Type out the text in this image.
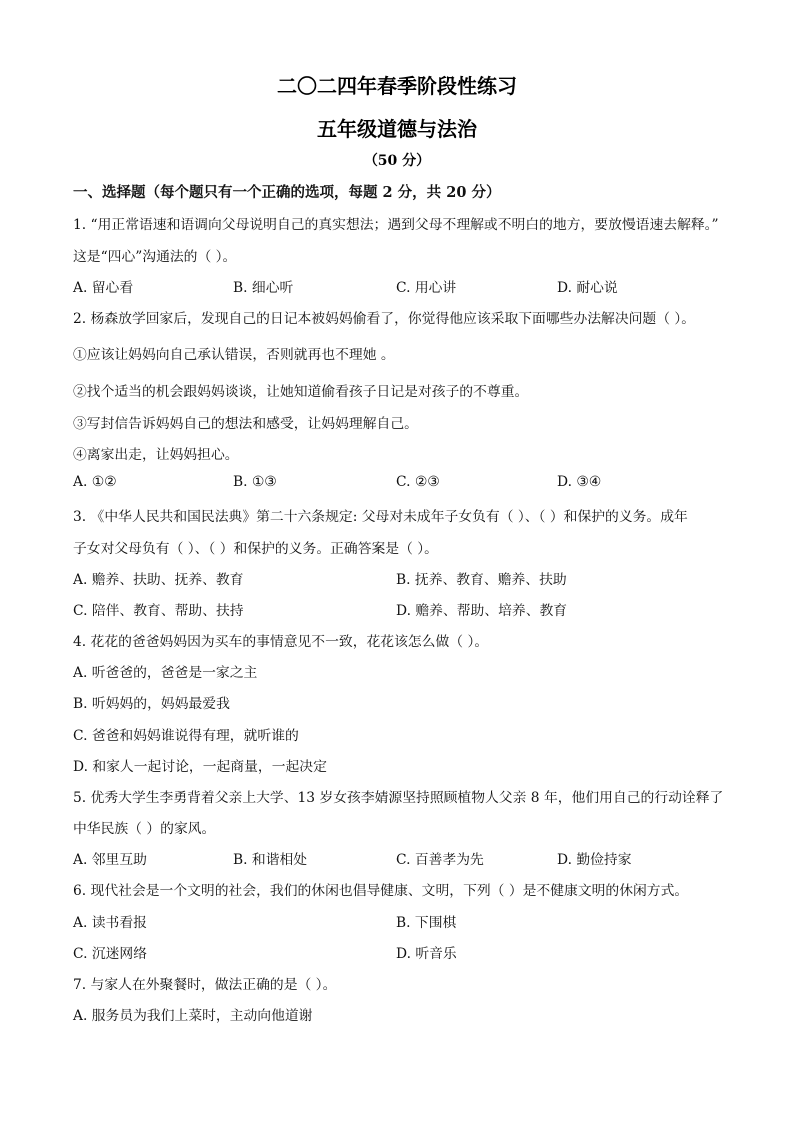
二〇二四年春季阶段性练习
五年级道德与法治
（50 分）
一、选择题（每个题只有一个正确的选项，每题 2 分，共 20 分）
1. “用正常语速和语调向父母说明自己的真实想法；遇到父母不理解或不明白的地方，要放慢语速去解释。”
这是“四心”沟通法的（ ）。
A. 留心看	B. 细心听	C. 用心讲	D. 耐心说
2. 杨森放学回家后，发现自己的日记本被妈妈偷看了，你觉得他应该采取下面哪些办法解决问题（ ）。
①应该让妈妈向自己承认错误，否则就再也不理她 。
②找个适当的机会跟妈妈谈谈，让她知道偷看孩子日记是对孩子的不尊重。
③写封信告诉妈妈自己的想法和感受，让妈妈理解自己。
④离家出走，让妈妈担心。
A. ①②	B. ①③	C. ②③	D. ③④
3. 《中华人民共和国民法典》第二十六条规定: 父母对未成年子女负有（ ）、（ ）和保护的义务。成年
子女对父母负有（ ）、（ ）和保护的义务。正确答案是（ ）。
A. 赡养、扶助、抚养、教育	B. 抚养、教育、赡养、扶助
C. 陪伴、教育、帮助、扶持	D. 赡养、帮助、培养、教育
4. 花花的爸爸妈妈因为买车的事情意见不一致，花花该怎么做（ ）。
A. 听爸爸的，爸爸是一家之主
B. 听妈妈的，妈妈最爱我
C. 爸爸和妈妈谁说得有理，就听谁的
D. 和家人一起讨论，一起商量，一起决定
5. 优秀大学生李勇背着父亲上大学、13 岁女孩李婧源坚持照顾植物人父亲 8 年，他们用自己的行动诠释了
中华民族（ ）的家风。
A. 邻里互助	B. 和谐相处	C. 百善孝为先	D. 勤俭持家
6. 现代社会是一个文明的社会，我们的休闲也倡导健康、文明，下列（ ）是不健康文明的休闲方式。
A. 读书看报	B. 下围棋
C. 沉迷网络	D. 听音乐
7. 与家人在外聚餐时，做法正确的是（ ）。
A. 服务员为我们上菜时，主动向他道谢
